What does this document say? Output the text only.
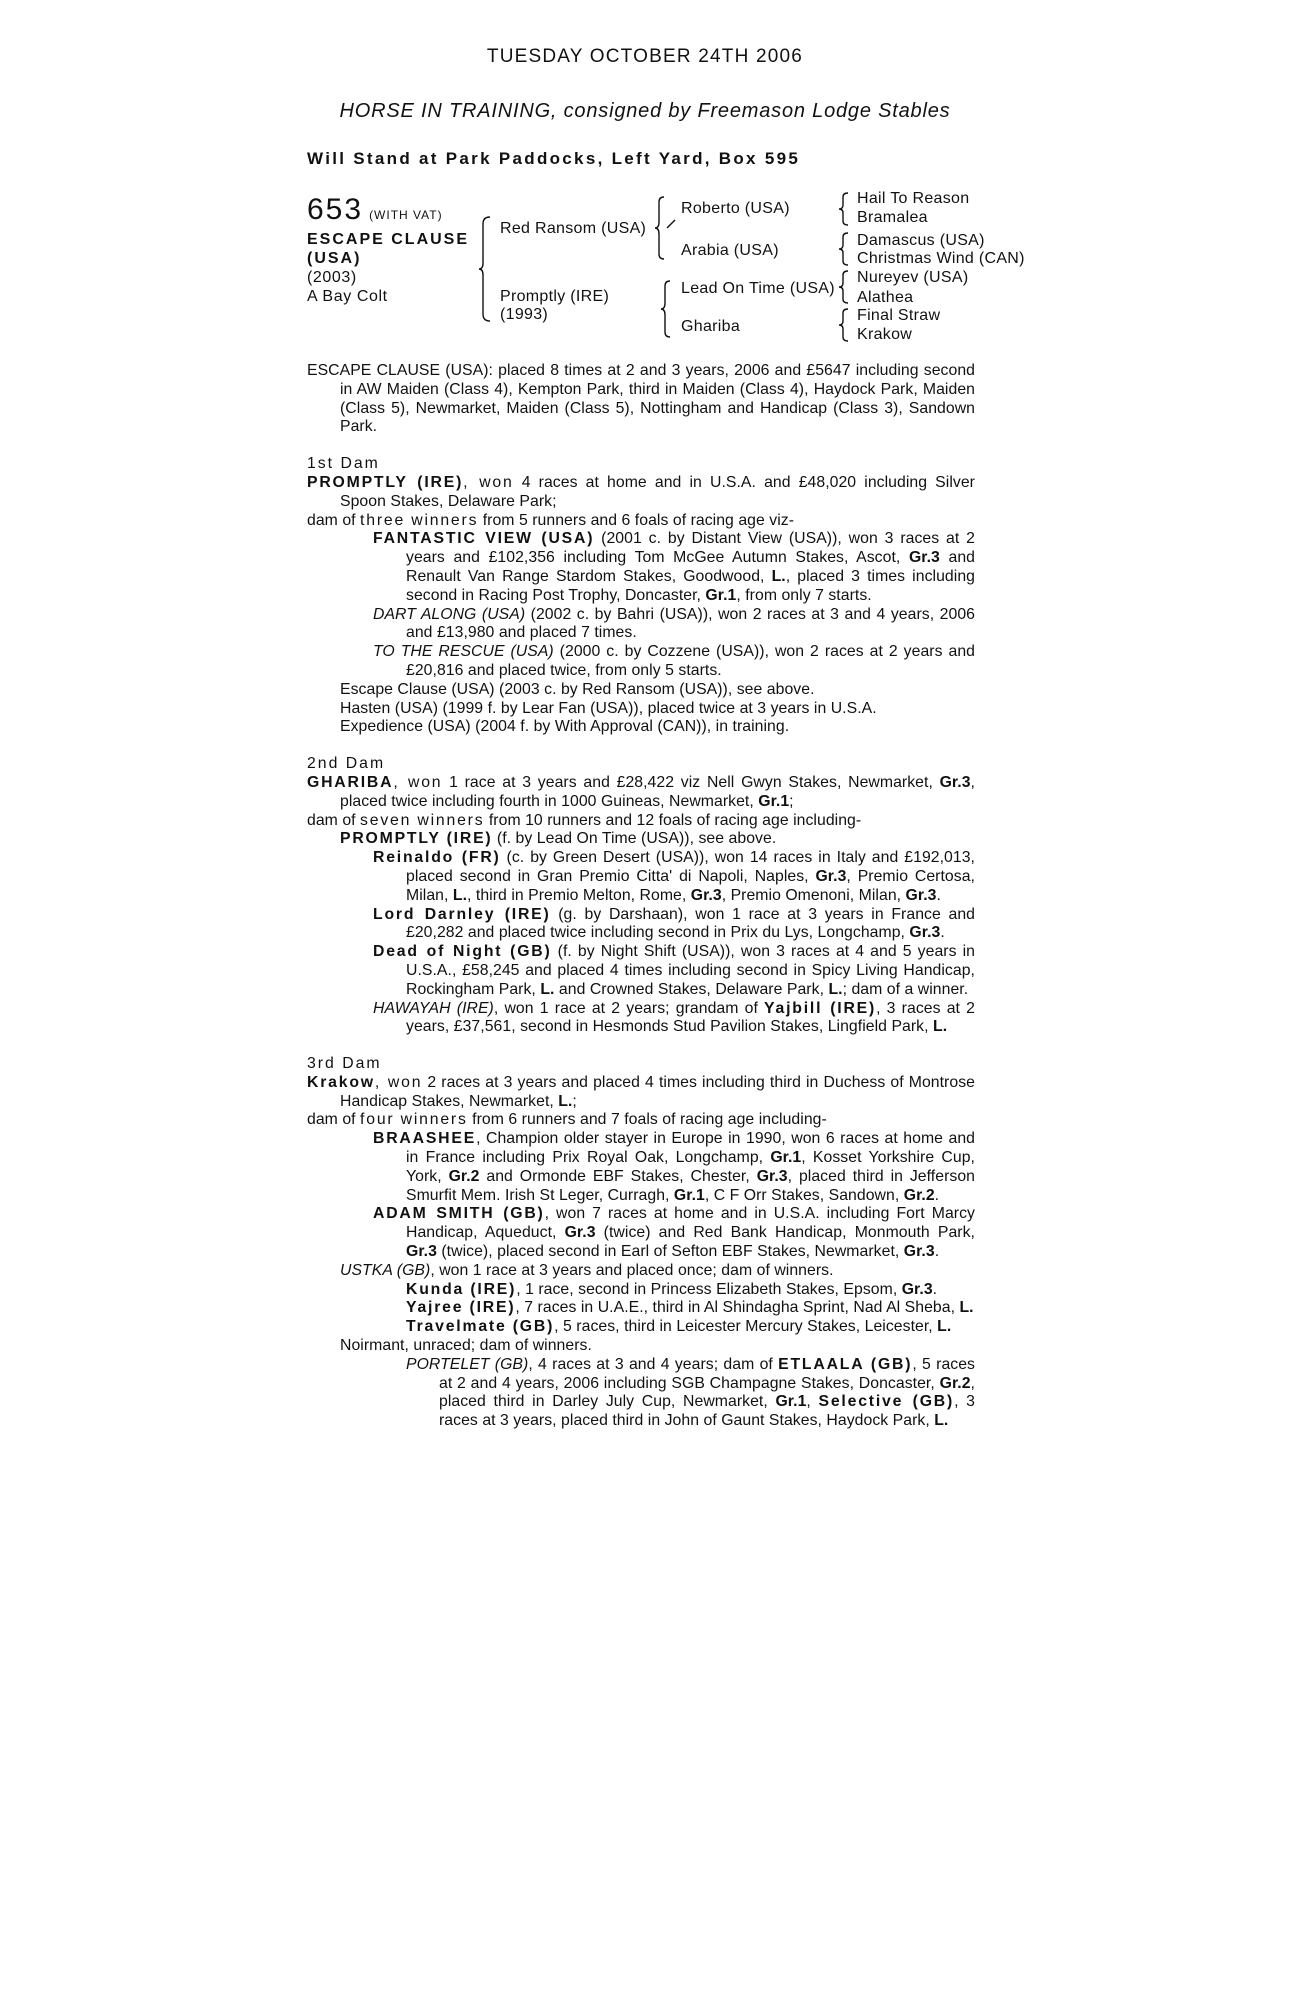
TUESDAY OCTOBER 24TH 2006
HORSE IN TRAINING, consigned by Freemason Lodge Stables
Will Stand at Park Paddocks, Left Yard, Box 595
653 (WITH VAT)
ESCAPE CLAUSE
(USA)
(2003)
A Bay Colt
Red Ransom (USA)
Promptly (IRE)
(1993)
Roberto (USA)
Arabia (USA)
Lead On Time (USA)
Ghariba
Hail To Reason
Bramalea
Damascus (USA)
Christmas Wind (CAN)
Nureyev (USA)
Alathea
Final Straw
Krakow

ESCAPE CLAUSE (USA): placed 8 times at 2 and 3 years, 2006 and £5647 including second in AW Maiden (Class 4), Kempton Park, third in Maiden (Class 4), Haydock Park, Maiden (Class 5), Newmarket, Maiden (Class 5), Nottingham and Handicap (Class 3), Sandown Park.

1st Dam

PROMPTLY (IRE), won 4 races at home and in U.S.A. and £48,020 including Silver Spoon Stakes, Delaware Park;

dam of three winners from 5 runners and 6 foals of racing age viz-

FANTASTIC VIEW (USA) (2001 c. by Distant View (USA)), won 3 races at 2 years and £102,356 including Tom McGee Autumn Stakes, Ascot, Gr.3 and Renault Van Range Stardom Stakes, Goodwood, L., placed 3 times including second in Racing Post Trophy, Doncaster, Gr.1, from only 7 starts.

DART ALONG (USA) (2002 c. by Bahri (USA)), won 2 races at 3 and 4 years, 2006 and £13,980 and placed 7 times.

TO THE RESCUE (USA) (2000 c. by Cozzene (USA)), won 2 races at 2 years and £20,816 and placed twice, from only 5 starts.

Escape Clause (USA) (2003 c. by Red Ransom (USA)), see above.

Hasten (USA) (1999 f. by Lear Fan (USA)), placed twice at 3 years in U.S.A.

Expedience (USA) (2004 f. by With Approval (CAN)), in training.

2nd Dam

GHARIBA, won 1 race at 3 years and £28,422 viz Nell Gwyn Stakes, Newmarket, Gr.3, placed twice including fourth in 1000 Guineas, Newmarket, Gr.1;

dam of seven winners from 10 runners and 12 foals of racing age including-

PROMPTLY (IRE) (f. by Lead On Time (USA)), see above.

Reinaldo (FR) (c. by Green Desert (USA)), won 14 races in Italy and £192,013, placed second in Gran Premio Citta' di Napoli, Naples, Gr.3, Premio Certosa, Milan, L., third in Premio Melton, Rome, Gr.3, Premio Omenoni, Milan, Gr.3.

Lord Darnley (IRE) (g. by Darshaan), won 1 race at 3 years in France and £20,282 and placed twice including second in Prix du Lys, Longchamp, Gr.3.

Dead of Night (GB) (f. by Night Shift (USA)), won 3 races at 4 and 5 years in U.S.A., £58,245 and placed 4 times including second in Spicy Living Handicap, Rockingham Park, L. and Crowned Stakes, Delaware Park, L.; dam of a winner.

HAWAYAH (IRE), won 1 race at 2 years; grandam of Yajbill (IRE), 3 races at 2 years, £37,561, second in Hesmonds Stud Pavilion Stakes, Lingfield Park, L.

3rd Dam

Krakow, won 2 races at 3 years and placed 4 times including third in Duchess of Montrose Handicap Stakes, Newmarket, L.;

dam of four winners from 6 runners and 7 foals of racing age including-

BRAASHEE, Champion older stayer in Europe in 1990, won 6 races at home and in France including Prix Royal Oak, Longchamp, Gr.1, Kosset Yorkshire Cup, York, Gr.2 and Ormonde EBF Stakes, Chester, Gr.3, placed third in Jefferson Smurfit Mem. Irish St Leger, Curragh, Gr.1, C F Orr Stakes, Sandown, Gr.2.

ADAM SMITH (GB), won 7 races at home and in U.S.A. including Fort Marcy Handicap, Aqueduct, Gr.3 (twice) and Red Bank Handicap, Monmouth Park, Gr.3 (twice), placed second in Earl of Sefton EBF Stakes, Newmarket, Gr.3.

USTKA (GB), won 1 race at 3 years and placed once; dam of winners.

Kunda (IRE), 1 race, second in Princess Elizabeth Stakes, Epsom, Gr.3.

Yajree (IRE), 7 races in U.A.E., third in Al Shindagha Sprint, Nad Al Sheba, L.

Travelmate (GB), 5 races, third in Leicester Mercury Stakes, Leicester, L.

Noirmant, unraced; dam of winners.

PORTELET (GB), 4 races at 3 and 4 years; dam of ETLAALA (GB), 5 races at 2 and 4 years, 2006 including SGB Champagne Stakes, Doncaster, Gr.2, placed third in Darley July Cup, Newmarket, Gr.1, Selective (GB), 3 races at 3 years, placed third in John of Gaunt Stakes, Haydock Park, L.
